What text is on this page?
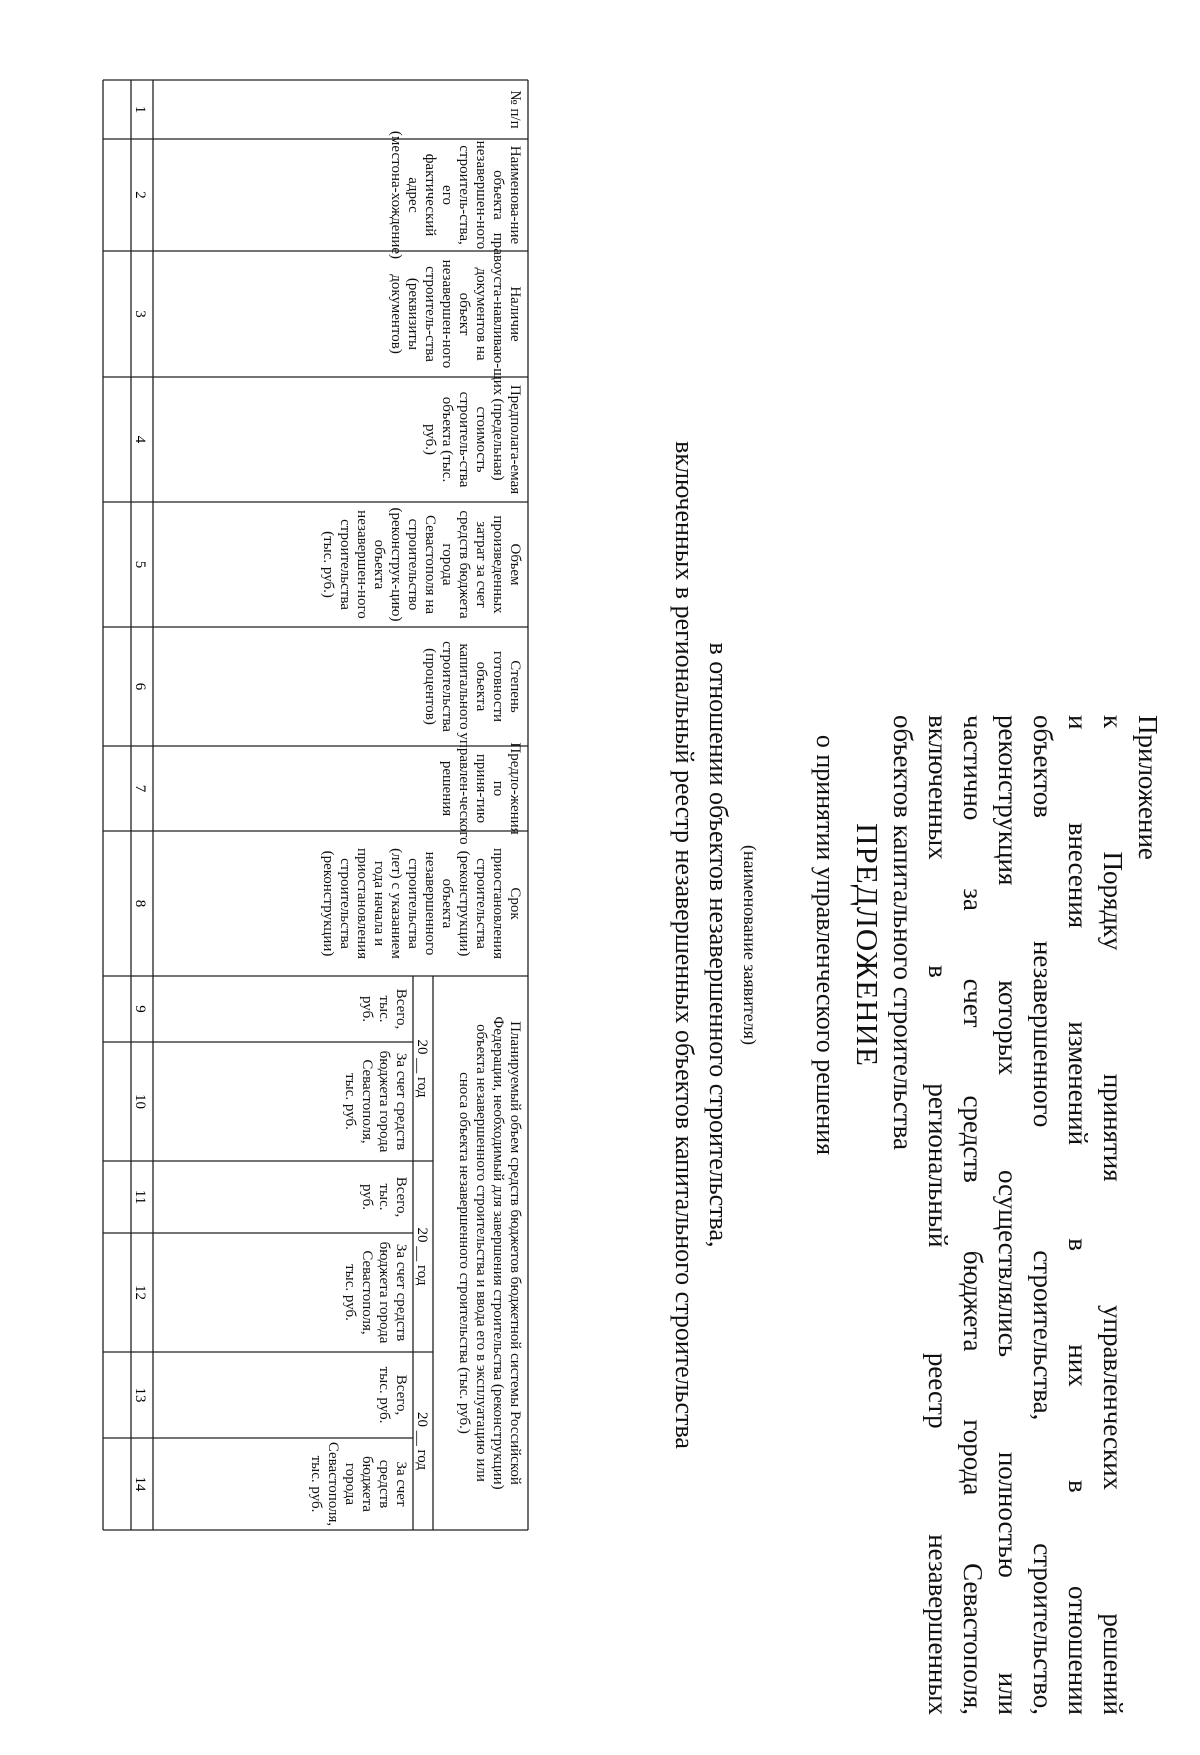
Приложение
к Порядку принятия управленческих решений
и внесения изменений в них в отношении
объектов незавершенного строительства, строительство,
реконструкция которых осуществлялись полностью или
частично за счет средств бюджета города Севастополя,
включенных в региональный реестр незавершенных
объектов капитального строительства
ПРЕДЛОЖЕНИЕ
о принятии управленческого решения
(наименование заявителя)
в отношении объектов незавершенного строительства,
включенных в региональный реестр незавершенных объектов капитального строительства
№ п/п
Наименова-ниеобъектанезавершен-ногостроитель-ства,егофактическийадрес(местона-хождение)
Наличиеправоуста-навливаю-щихдокументов наобъектнезавершен-ногостроитель-ства(реквизитыдокументов)
Предполага-емая(предельная)стоимостьстроитель-стваобъекта (тыс.руб.)
Объемпроизведенныхзатрат за счетсредств бюджетагородаСевастополя настроительство(реконструк-цию)объектанезавершен-ногостроительства(тыс. руб.)
Степеньготовностиобъектакапитальногостроительства(процентов)
Предло-женияпоприня-тиюуправлен-ческогорешения
Срокприостановлениястроительства(реконструкции)объектанезавершенногостроительства(лет) с указаниемгода начала иприостановлениястроительства(реконструкции)
Планируемый объем средств бюджетов бюджетной системы РоссийскойФедерации, необходимый для завершения строительства (реконструкции)объекта незавершенного строительства и ввода его в эксплуатацию илисноса объекта незавершенного строительства (тыс. руб.)
20 __ год
Всего,тыс.руб.
За счет средствбюджета городаСевастополя,тыс. руб.
20 __ год
Всего,тыс.руб.
За счет средствбюджета городаСевастополя,тыс. руб.
20 __ год
Всего,тыс. руб.
За счетсредствбюджетагородаСевастополя,тыс. руб.
1
2
3
4
5
6
7
8
9
10
11
12
13
14
